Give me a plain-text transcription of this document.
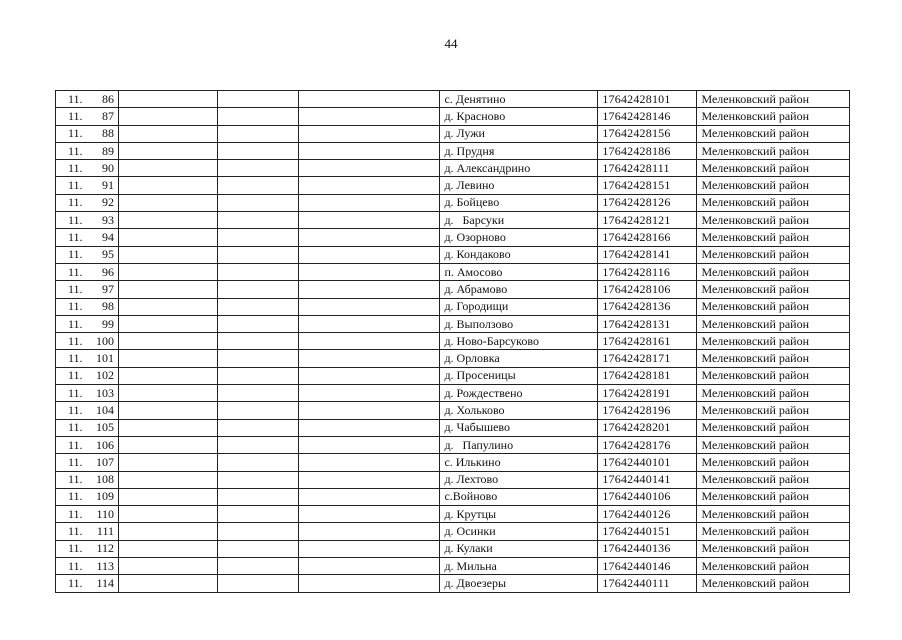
44
11. 86				с. Денятино	17642428101	Меленковский район
11. 87				д. Красново	17642428146	Меленковский район
11. 88				д. Лужи	17642428156	Меленковский район
11. 89				д. Прудня	17642428186	Меленковский район
11. 90				д. Александрино	17642428111	Меленковский район
11. 91				д. Левино	17642428151	Меленковский район
11. 92				д. Бойцево	17642428126	Меленковский район
11. 93				д.   Барсуки	17642428121	Меленковский район
11. 94				д. Озорново	17642428166	Меленковский район
11. 95				д. Кондаково	17642428141	Меленковский район
11. 96				п. Амосово	17642428116	Меленковский район
11. 97				д. Абрамово	17642428106	Меленковский район
11. 98				д. Городищи	17642428136	Меленковский район
11. 99				д. Выползово	17642428131	Меленковский район
11. 100				д. Ново-Барсуково	17642428161	Меленковский район
11. 101				д. Орловка	17642428171	Меленковский район
11. 102				д. Просеницы	17642428181	Меленковский район
11. 103				д. Рождествено	17642428191	Меленковский район
11. 104				д. Хольково	17642428196	Меленковский район
11. 105				д. Чабышево	17642428201	Меленковский район
11. 106				д.   Папулино	17642428176	Меленковский район
11. 107				с. Илькино	17642440101	Меленковский район
11. 108				д. Лехтово	17642440141	Меленковский район
11. 109				с.Войново	17642440106	Меленковский район
11. 110				д. Крутцы	17642440126	Меленковский район
11. 111				д. Осинки	17642440151	Меленковский район
11. 112				д. Кулаки	17642440136	Меленковский район
11. 113				д. Мильна	17642440146	Меленковский район
11. 114				д. Двоезеры	17642440111	Меленковский район
